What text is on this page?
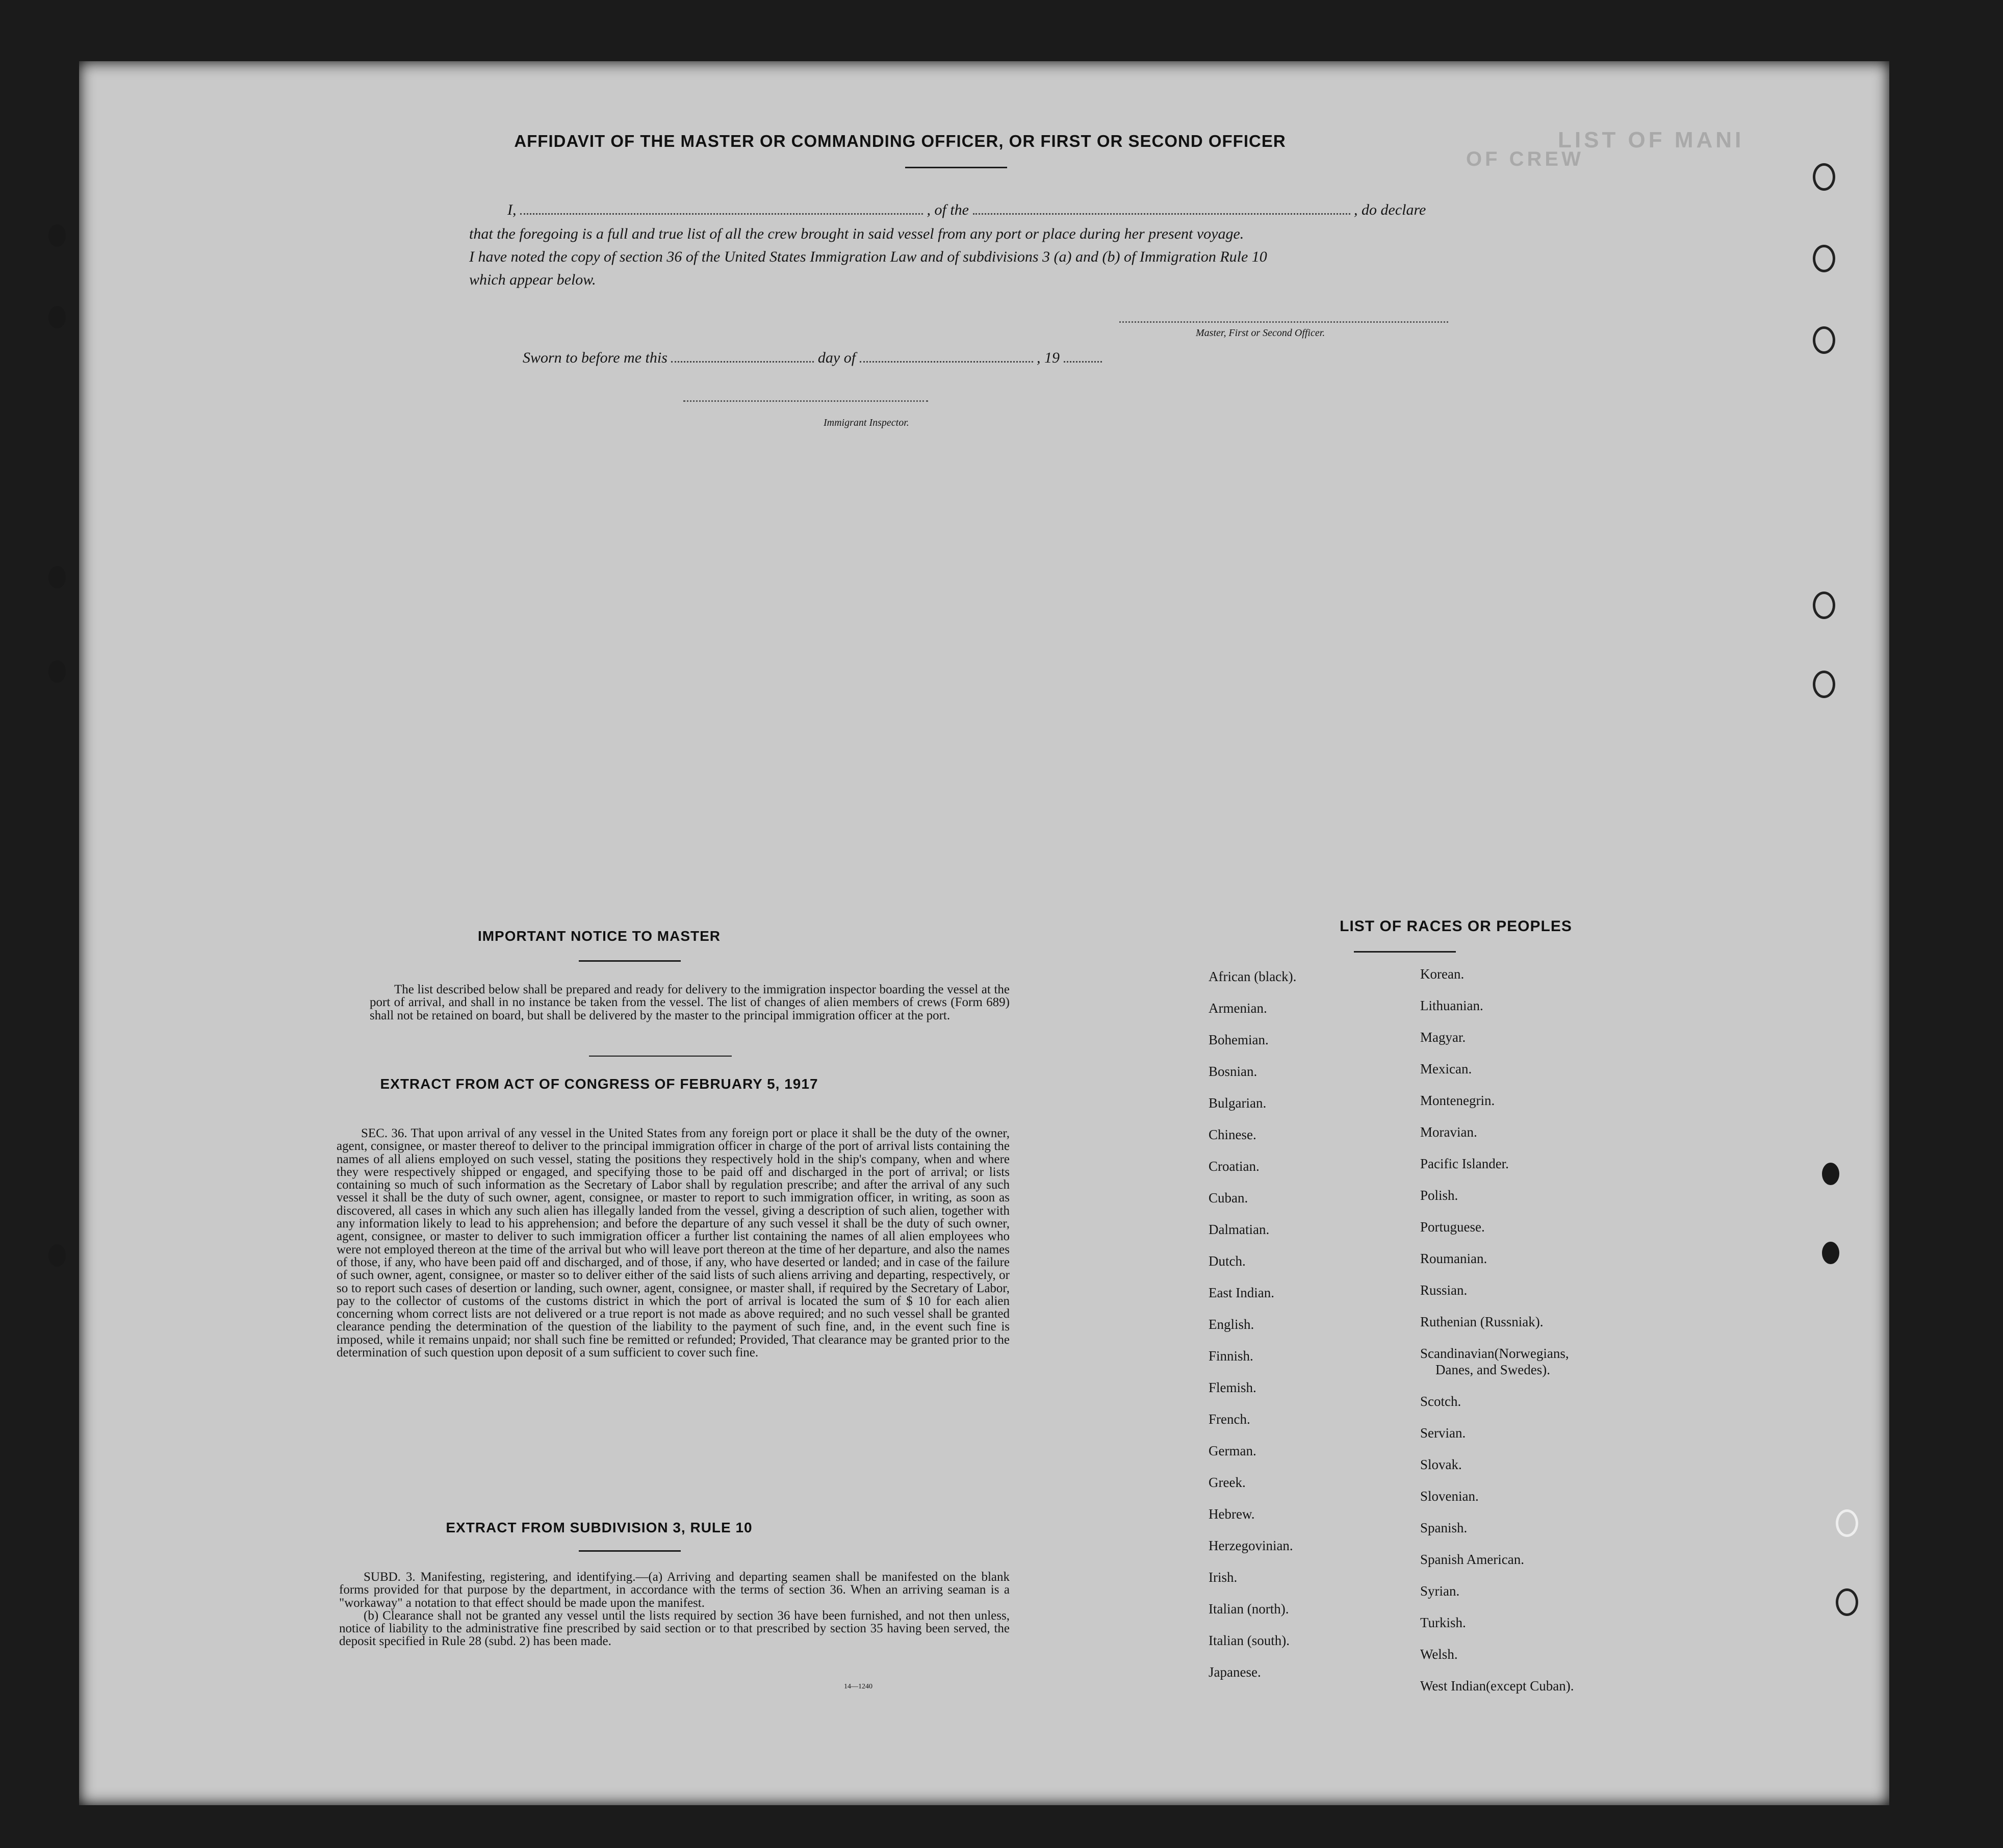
LIST OF MANI
OF CREW
AFFIDAVIT OF THE MASTER OR COMMANDING OFFICER, OR FIRST OR SECOND OFFICER
I,	, of the	, do declare
that the foregoing is a full and true list of all the crew brought in said vessel from any port or place during her present voyage.
I have noted the copy of section 36 of the United States Immigration Law and of subdivisions 3 (a) and (b) of Immigration Rule 10
which appear below.
Master, First or Second Officer.
Sworn to before me this	day of	, 19
Immigrant Inspector.
IMPORTANT NOTICE TO MASTER

The list described below shall be prepared and ready for delivery to the immigration inspector boarding the vessel at the port of arrival, and shall in no instance be taken from the vessel. The list of changes of alien members of crews (Form 689) shall not be retained on board, but shall be delivered by the master to the principal immigration officer at the port.

EXTRACT FROM ACT OF CONGRESS OF FEBRUARY 5, 1917

SEC. 36. That upon arrival of any vessel in the United States from any foreign port or place it shall be the duty of the owner, agent, consignee, or master thereof to deliver to the principal immigration officer in charge of the port of arrival lists containing the names of all aliens employed on such vessel, stating the positions they respectively hold in the ship's company, when and where they were respectively shipped or engaged, and specifying those to be paid off and discharged in the port of arrival; or lists containing so much of such information as the Secretary of Labor shall by regulation prescribe; and after the arrival of any such vessel it shall be the duty of such owner, agent, consignee, or master to report to such immigration officer, in writing, as soon as discovered, all cases in which any such alien has illegally landed from the vessel, giving a description of such alien, together with any information likely to lead to his apprehension; and before the departure of any such vessel it shall be the duty of such owner, agent, consignee, or master to deliver to such immigration officer a further list containing the names of all alien employees who were not employed thereon at the time of the arrival but who will leave port thereon at the time of her departure, and also the names of those, if any, who have been paid off and discharged, and of those, if any, who have deserted or landed; and in case of the failure of such owner, agent, consignee, or master so to deliver either of the said lists of such aliens arriving and departing, respectively, or so to report such cases of desertion or landing, such owner, agent, consignee, or master shall, if required by the Secretary of Labor, pay to the collector of customs of the customs district in which the port of arrival is located the sum of $ 10 for each alien concerning whom correct lists are not delivered or a true report is not made as above required; and no such vessel shall be granted clearance pending the determination of the question of the liability to the payment of such fine, and, in the event such fine is imposed, while it remains unpaid; nor shall such fine be remitted or refunded; Provided, That clearance may be granted prior to the determination of such question upon deposit of a sum sufficient to cover such fine.

EXTRACT FROM SUBDIVISION 3, RULE 10

SUBD. 3. Manifesting, registering, and identifying.—(a) Arriving and departing seamen shall be manifested on the blank forms provided for that purpose by the department, in accordance with the terms of section 36. When an arriving seaman is a "workaway" a notation to that effect should be made upon the manifest.

(b) Clearance shall not be granted any vessel until the lists required by section 36 have been furnished, and not then unless, notice of liability to the administrative fine prescribed by said section or to that prescribed by section 35 having been served, the deposit specified in Rule 28 (subd. 2) has been made.

14—1240
LIST OF RACES OR PEOPLES
African (black).
Armenian.
Bohemian.
Bosnian.
Bulgarian.
Chinese.
Croatian.
Cuban.
Dalmatian.
Dutch.
East Indian.
English.
Finnish.
Flemish.
French.
German.
Greek.
Hebrew.
Herzegovinian.
Irish.
Italian (north).
Italian (south).
Japanese.
Korean.
Lithuanian.
Magyar.
Mexican.
Montenegrin.
Moravian.
Pacific Islander.
Polish.
Portuguese.
Roumanian.
Russian.
Ruthenian (Russniak).
Scandinavian(Norwegians,
Danes, and Swedes).
Scotch.
Servian.
Slovak.
Slovenian.
Spanish.
Spanish American.
Syrian.
Turkish.
Welsh.
West Indian(except Cuban).
